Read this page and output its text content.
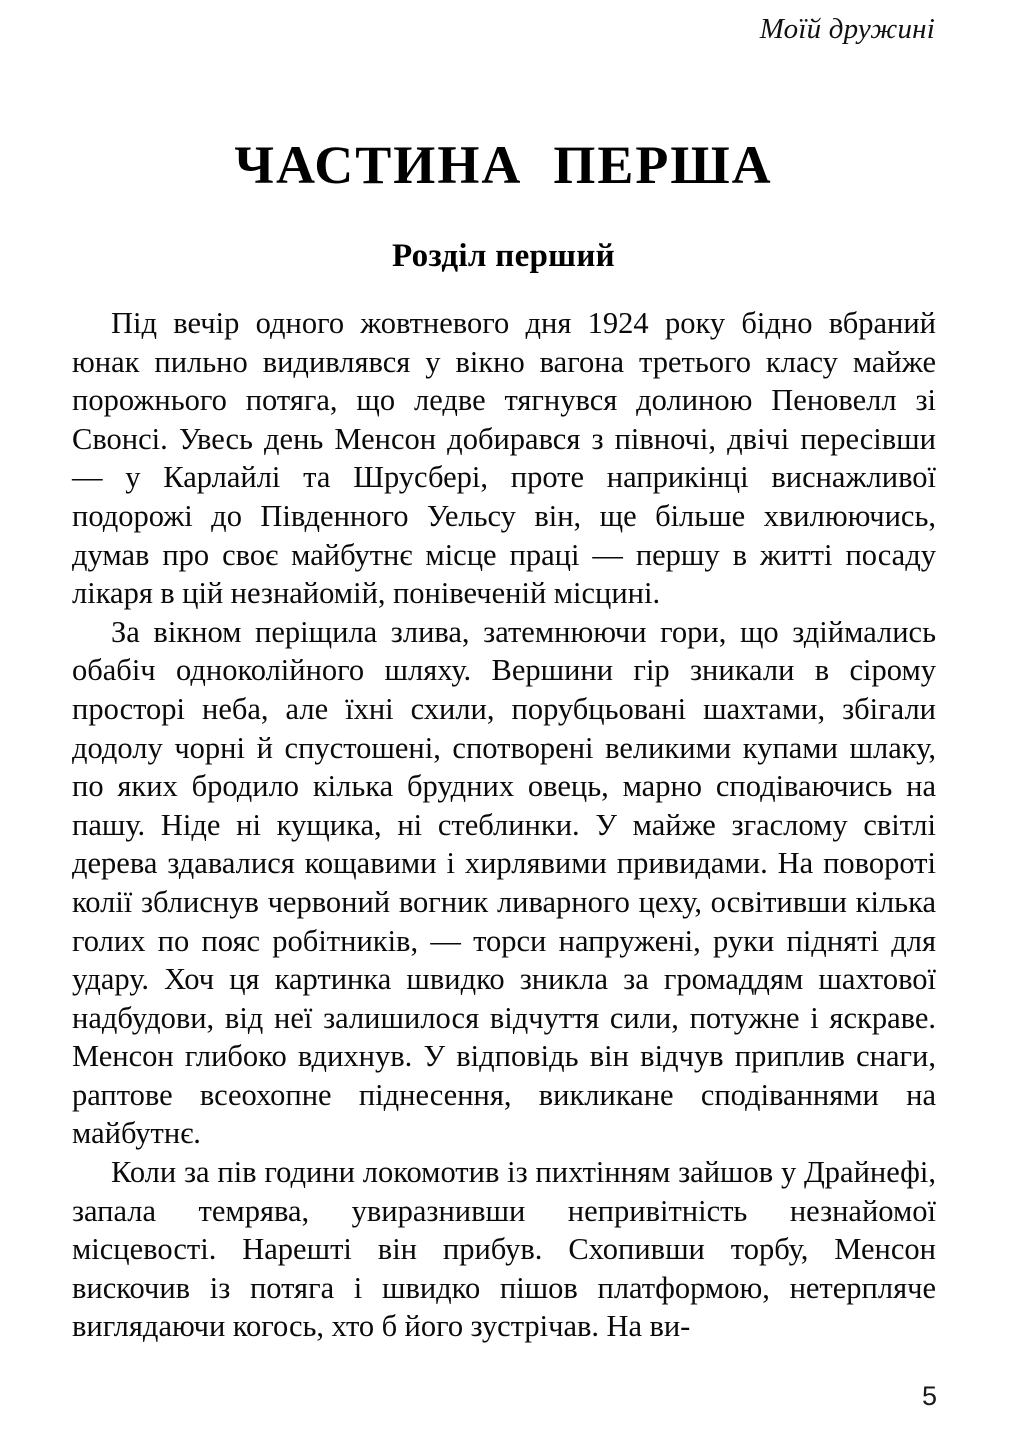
Моїй дружині
ЧАСТИНА  ПЕРША
Розділ перший

Під вечір одного жовтневого дня 1924 року бідно вбраний юнак пильно видивлявся у вікно вагона третього класу майже порожнього потяга, що ледве тягнувся долиною Пеновелл зі Свонсі. Увесь день Менсон добирався з півночі, двічі пересівши — у Карлайлі та Шрусбері, проте наприкінці виснажливої подорожі до Південного Уельсу він, ще більше хвилюючись, думав про своє майбутнє місце праці — першу в житті посаду лікаря в цій незнайомій, понівеченій місцині.

За вікном періщила злива, затемнюючи гори, що здіймались обабіч одноколійного шляху. Вершини гір зникали в сірому просторі неба, але їхні схили, порубцьовані шахтами, збігали додолу чорні й спустошені, спотворені великими купами шлаку, по яких бродило кілька брудних овець, марно сподіваючись на пашу. Ніде ні кущика, ні стеблинки. У майже згаслому світлі дерева здавалися кощавими і хирлявими привидами. На повороті колії зблиснув червоний вогник ливарного цеху, освітивши кілька голих по пояс робітників, — торси напружені, руки підняті для удару. Хоч ця картинка швидко зникла за громаддям шахтової надбудови, від неї залишилося відчуття сили, потужне і яскраве. Менсон глибоко вдихнув. У відповідь він відчув приплив снаги, раптове всеохопне піднесення, викликане сподіваннями на майбутнє.

Коли за пів години локомотив із пихтінням зайшов у Драйнефі, запала темрява, увиразнивши непривітність незнайомої місцевості. Нарешті він прибув. Схопивши торбу, Менсон вискочив із потяга і швидко пішов платформою, нетерпляче виглядаючи когось, хто б його зустрічав. На ви-

5
